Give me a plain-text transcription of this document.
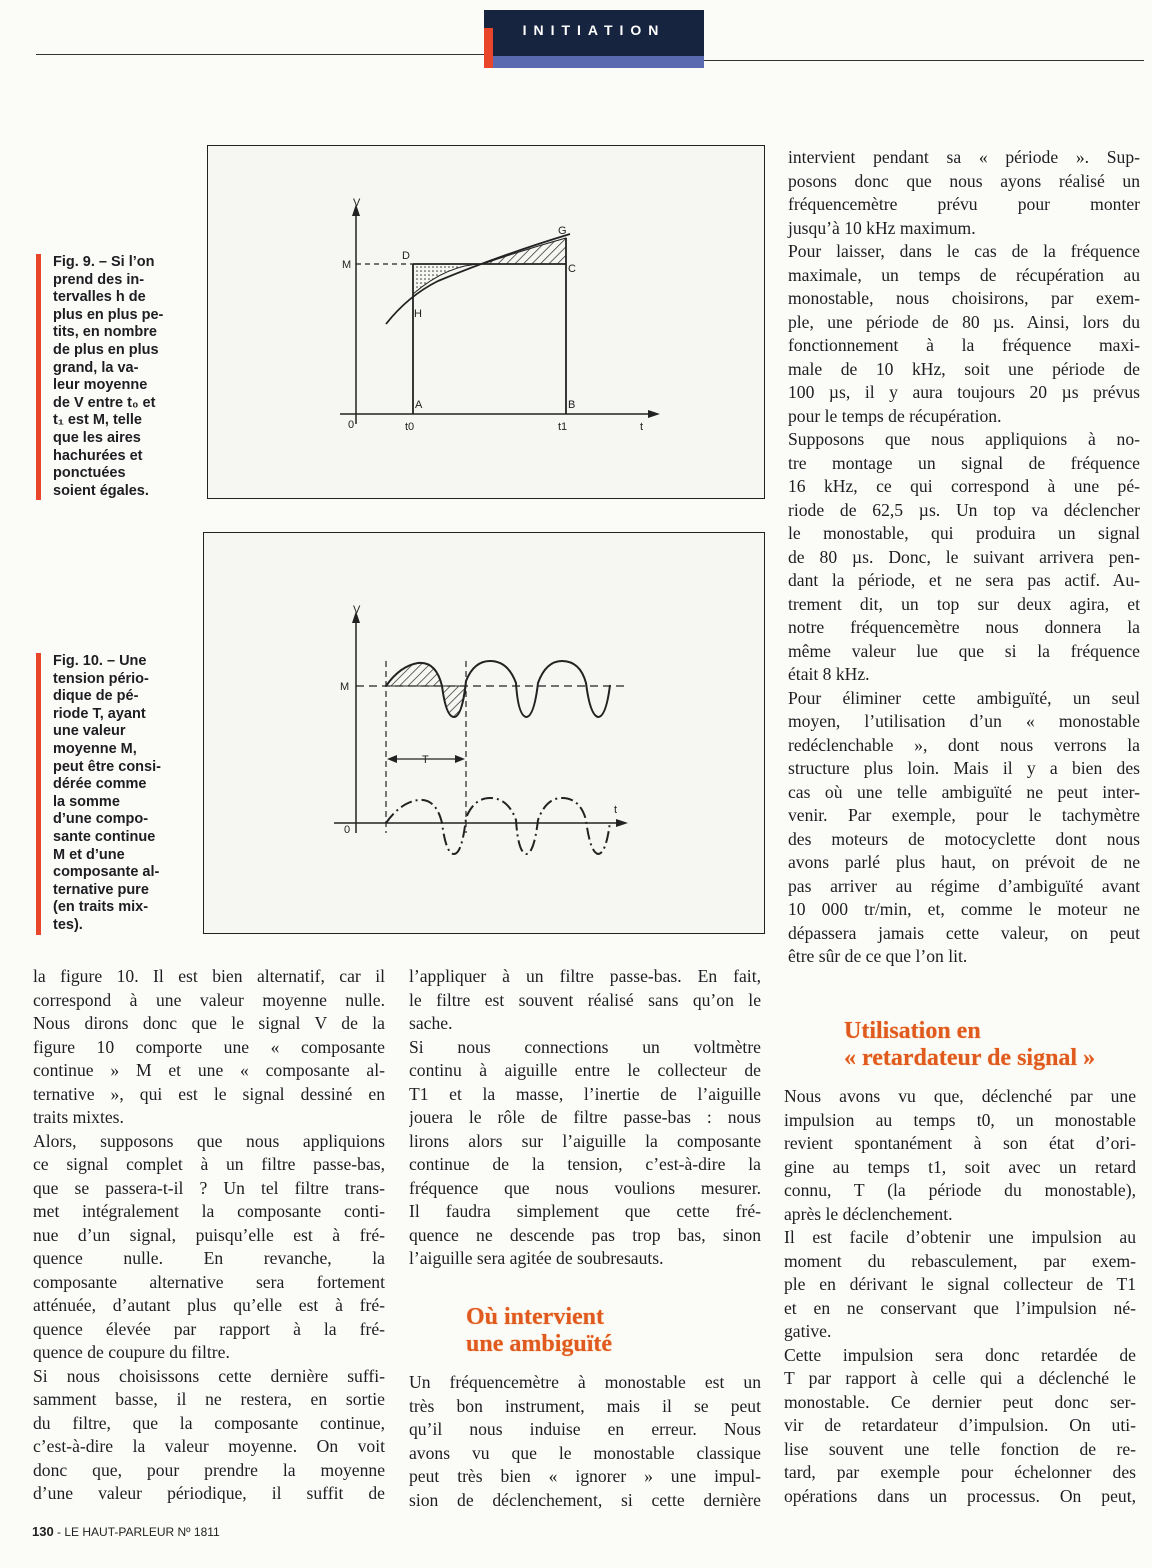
INITIATION
V
M
D
G
C
H
A	B
0	t0	t1	t
Fig. 9. – Si l’on
prend des in-
tervalles h de
plus en plus pe-
tits, en nombre
de plus en plus
grand, la va-
leur moyenne
de V entre t₀ et
t₁ est M, telle
que les aires
hachurées et
ponctuées
soient égales.
V
M
T
0
t
Fig. 10. – Une
tension pério-
dique de pé-
riode T, ayant
une valeur
moyenne M,
peut être consi-
dérée comme
la somme
d’une compo-
sante continue
M et d’une
composante al-
ternative pure
(en traits mix-
tes).
la figure 10. Il est bien alternatif, car il
correspond à une valeur moyenne nulle.
Nous dirons donc que le signal V de la
figure 10 comporte une « composante
continue » M et une « composante al-
ternative », qui est le signal dessiné en
traits mixtes.
Alors, supposons que nous appliquions
ce signal complet à un filtre passe-bas,
que se passera-t-il ? Un tel filtre trans-
met intégralement la composante conti-
nue d’un signal, puisqu’elle est à fré-
quence nulle. En revanche, la
composante alternative sera fortement
atténuée, d’autant plus qu’elle est à fré-
quence élevée par rapport à la fré-
quence de coupure du filtre.
Si nous choisissons cette dernière suffi-
samment basse, il ne restera, en sortie
du filtre, que la composante continue,
c’est-à-dire la valeur moyenne. On voit
donc que, pour prendre la moyenne
d’une valeur périodique, il suffit de
l’appliquer à un filtre passe-bas. En fait,
le filtre est souvent réalisé sans qu’on le
sache.
Si nous connections un voltmètre
continu à aiguille entre le collecteur de
T1 et la masse, l’inertie de l’aiguille
jouera le rôle de filtre passe-bas : nous
lirons alors sur l’aiguille la composante
continue de la tension, c’est-à-dire la
fréquence que nous voulions mesurer.
Il faudra simplement que cette fré-
quence ne descende pas trop bas, sinon
l’aiguille sera agitée de soubresauts.
Où intervient
une ambiguïté
Un fréquencemètre à monostable est un
très bon instrument, mais il se peut
qu’il nous induise en erreur. Nous
avons vu que le monostable classique
peut très bien « ignorer » une impul-
sion de déclenchement, si cette dernière
intervient pendant sa « période ». Sup-
posons donc que nous ayons réalisé un
fréquencemètre prévu pour monter
jusqu’à 10 kHz maximum.
Pour laisser, dans le cas de la fréquence
maximale, un temps de récupération au
monostable, nous choisirons, par exem-
ple, une période de 80 µs. Ainsi, lors du
fonctionnement à la fréquence maxi-
male de 10 kHz, soit une période de
100 µs, il y aura toujours 20 µs prévus
pour le temps de récupération.
Supposons que nous appliquions à no-
tre montage un signal de fréquence
16 kHz, ce qui correspond à une pé-
riode de 62,5 µs. Un top va déclencher
le monostable, qui produira un signal
de 80 µs. Donc, le suivant arrivera pen-
dant la période, et ne sera pas actif. Au-
trement dit, un top sur deux agira, et
notre fréquencemètre nous donnera la
même valeur lue que si la fréquence
était 8 kHz.
Pour éliminer cette ambiguïté, un seul
moyen, l’utilisation d’un « monostable
redéclenchable », dont nous verrons la
structure plus loin. Mais il y a bien des
cas où une telle ambiguïté ne peut inter-
venir. Par exemple, pour le tachymètre
des moteurs de motocyclette dont nous
avons parlé plus haut, on prévoit de ne
pas arriver au régime d’ambiguïté avant
10 000 tr/min, et, comme le moteur ne
dépassera jamais cette valeur, on peut
être sûr de ce que l’on lit.
Utilisation en
« retardateur de signal »
Nous avons vu que, déclenché par une
impulsion au temps t0, un monostable
revient spontanément à son état d’ori-
gine au temps t1, soit avec un retard
connu, T (la période du monostable),
après le déclenchement.
Il est facile d’obtenir une impulsion au
moment du rebasculement, par exem-
ple en dérivant le signal collecteur de T1
et en ne conservant que l’impulsion né-
gative.
Cette impulsion sera donc retardée de
T par rapport à celle qui a déclenché le
monostable. Ce dernier peut donc ser-
vir de retardateur d’impulsion. On uti-
lise souvent une telle fonction de re-
tard, par exemple pour échelonner des
opérations dans un processus. On peut,
130 - LE HAUT-PARLEUR Nº 1811
